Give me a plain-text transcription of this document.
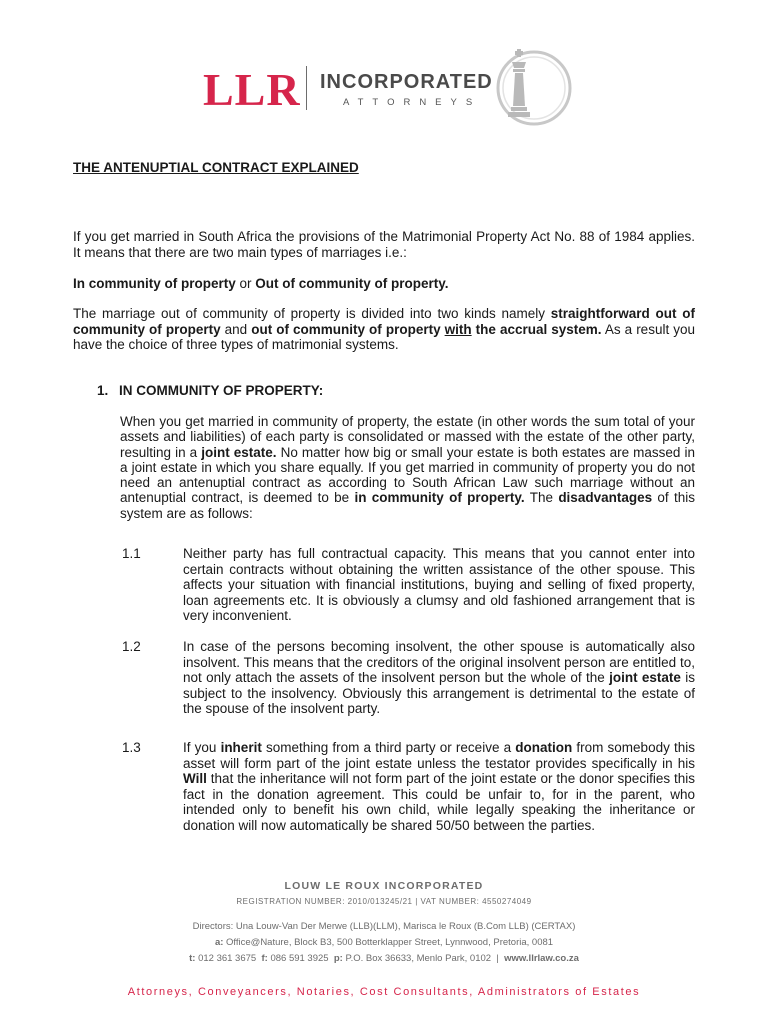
LLR INCORPORATED
ATTORNEYS
THE ANTENUPTIAL CONTRACT EXPLAINED

If you get married in South Africa the provisions of the Matrimonial Property Act No. 88 of 1984 applies. It means that there are two main types of marriages i.e.:

In community of property or Out of community of property.

The marriage out of community of property is divided into two kinds namely straightforward out of community of property and out of community of property with the accrual system. As a result you have the choice of three types of matrimonial systems.

1. IN COMMUNITY OF PROPERTY:

When you get married in community of property, the estate (in other words the sum total of your assets and liabilities) of each party is consolidated or massed with the estate of the other party, resulting in a joint estate. No matter how big or small your estate is both estates are massed in a joint estate in which you share equally. If you get married in community of property you do not need an antenuptial contract as according to South African Law such marriage without an antenuptial contract, is deemed to be in community of property. The disadvantages of this system are as follows:

1.1	Neither party has full contractual capacity. This means that you cannot enter into certain contracts without obtaining the written assistance of the other spouse. This affects your situation with financial institutions, buying and selling of fixed property, loan agreements etc. It is obviously a clumsy and old fashioned arrangement that is very inconvenient.

1.2	In case of the persons becoming insolvent, the other spouse is automatically also insolvent. This means that the creditors of the original insolvent person are entitled to, not only attach the assets of the insolvent person but the whole of the joint estate is subject to the insolvency. Obviously this arrangement is detrimental to the estate of the spouse of the insolvent party.

1.3	If you inherit something from a third party or receive a donation from somebody this asset will form part of the joint estate unless the testator provides specifically in his Will that the inheritance will not form part of the joint estate or the donor specifies this fact in the donation agreement. This could be unfair to, for in the parent, who intended only to benefit his own child, while legally speaking the inheritance or donation will now automatically be shared 50/50 between the parties.

LOUW LE ROUX INCORPORATED
REGISTRATION NUMBER: 2010/013245/21 | VAT NUMBER: 4550274049
Directors: Una Louw-Van Der Merwe (LLB)(LLM), Marisca le Roux (B.Com LLB) (CERTAX)
a: Office@Nature, Block B3, 500 Botterklapper Street, Lynnwood, Pretoria, 0081
t: 012 361 3675 f: 086 591 3925 p: P.O. Box 36633, Menlo Park, 0102 | www.llrlaw.co.za
Attorneys, Conveyancers, Notaries, Cost Consultants, Administrators of Estates
